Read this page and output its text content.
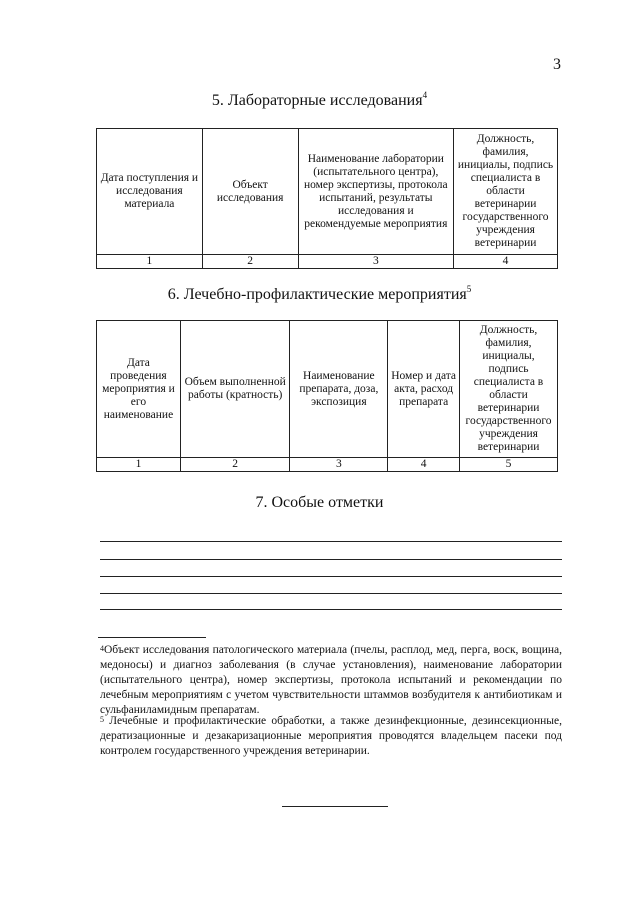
3
5. Лабораторные исследования$^4$
Дата поступления и исследования материала	Объект исследования	Наименование лаборатории (испытательного центра), номер экспертизы, протокола испытаний, результаты исследования и рекомендуемые мероприятия	Должность, фамилия, инициалы, подпись специалиста в области ветеринарии государственного учреждения ветеринарии
1	2	3	4
6. Лечебно-профилактические мероприятия$^5$
Дата проведения мероприятия и его наименование	Объем выполненной работы (кратность)	Наименование препарата, доза, экспозиция	Номер и дата акта, расход препарата	Должность, фамилия, инициалы, подпись специалиста в области ветеринарии государственного учреждения ветеринарии
1	2	3	4	5
7. Особые отметки
$^4$Объект исследования патологического материала (пчелы, расплод, мед, перга, воск, вощина, медоносы) и диагноз заболевания (в случае установления), наименование лаборатории (испытательного центра), номер экспертизы, протокола испытаний и рекомендации по лечебным мероприятиям с учетом чувствительности штаммов возбудителя к антибиотикам и сульфаниламидным препаратам.
$^5$ Лечебные и профилактические обработки, а также дезинфекционные, дезинсекционные, дератизационные и дезакаризационные мероприятия проводятся владельцем пасеки под контролем государственного учреждения ветеринарии.
